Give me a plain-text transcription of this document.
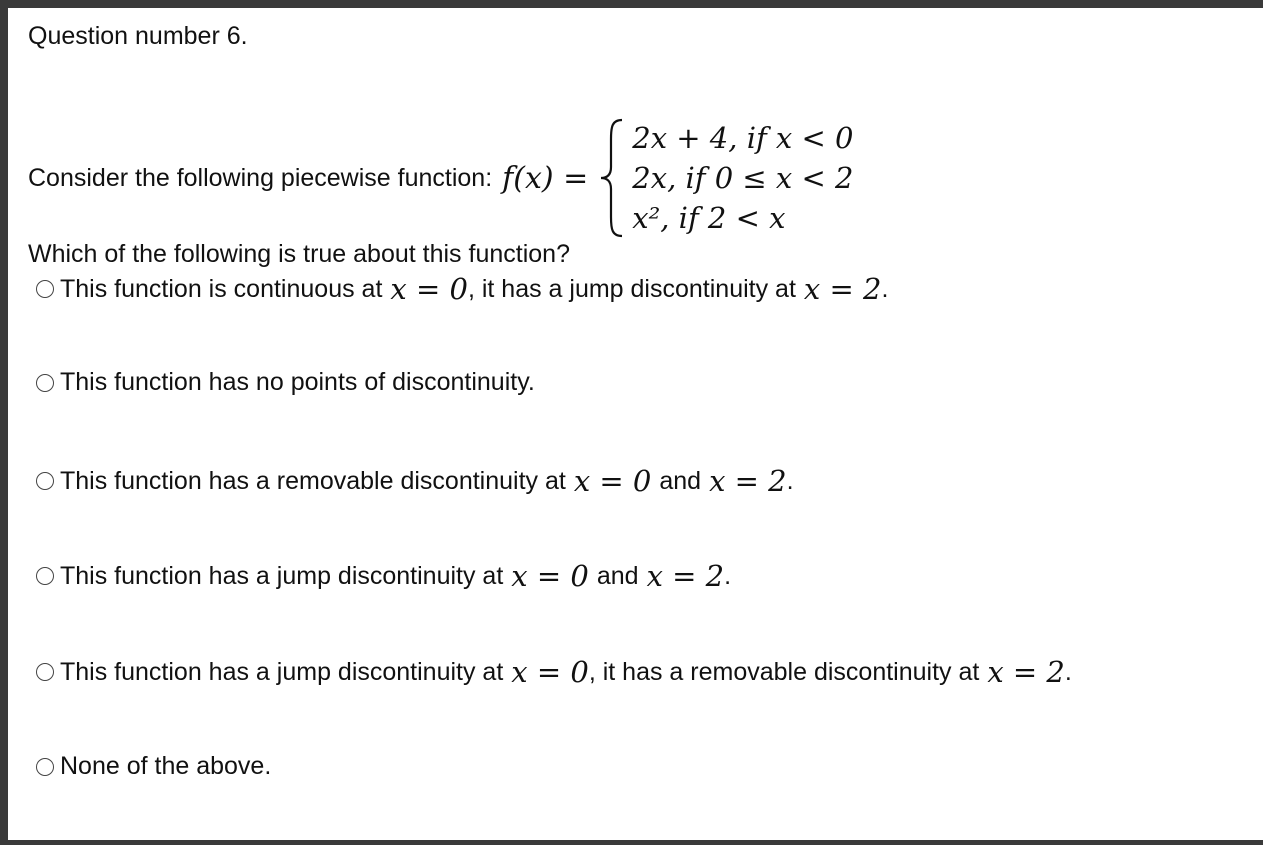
Question number 6.
Consider the following piecewise function: f(x) =
2x + 4, if x < 0
2x, if 0 ≤ x < 2
x², if 2 < x
Which of the following is true about this function?
This function is continuous at x = 0 , it has a jump discontinuity at x = 2 .
This function has no points of discontinuity.
This function has a removable discontinuity at x = 0 and x = 2 .
This function has a jump discontinuity at x = 0 and x = 2 .
This function has a jump discontinuity at x = 0 , it has a removable discontinuity at x = 2 .
None of the above.
